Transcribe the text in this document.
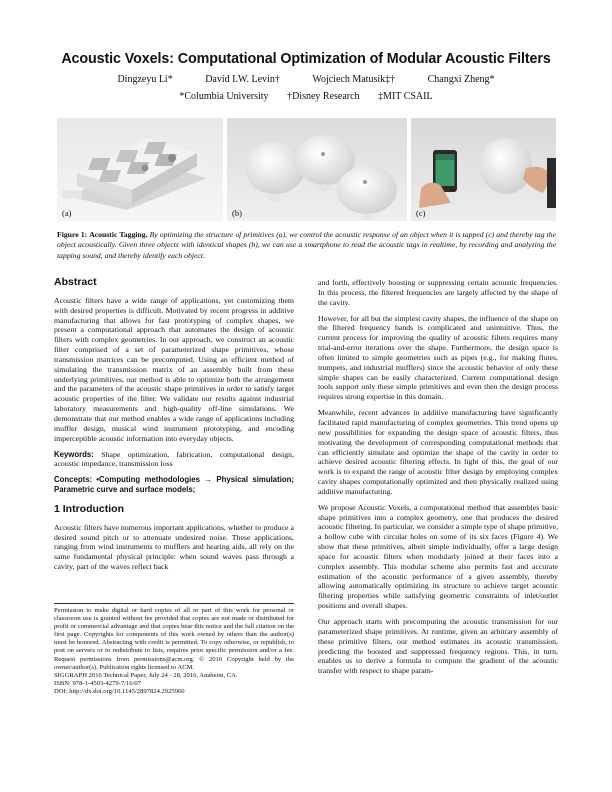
Acoustic Voxels: Computational Optimization of Modular Acoustic Filters
Dingzeyu Li*	David I.W. Levin†	Wojciech Matusik‡†	Changxi Zheng*
*Columbia University †Disney Research ‡MIT CSAIL
(a)	(b)	(c)
Figure 1: Acoustic Tagging. By optimizing the structure of primitives (a), we control the acoustic response of an object when it is tapped (c) and thereby tag the object acoustically. Given three objects with identical shapes (b), we can use a smartphone to read the acoustic tags in realtime, by recording and analyzing the tapping sound, and thereby identify each object.
Abstract

Acoustic filters have a wide range of applications, yet customizing them with desired properties is difficult. Motivated by recent progress in additive manufacturing that allows for fast prototyping of complex shapes, we present a computational approach that automates the design of acoustic filters with complex geometries. In our approach, we construct an acoustic filter comprised of a set of parameterized shape primitives, whose transmission matrices can be precomputed. Using an efficient method of simulating the transmission matrix of an assembly built from these underlying primitives, our method is able to optimize both the arrangement and the parameters of the acoustic shape primitives in order to satisfy target acoustic properties of the filter. We validate our results against industrial laboratory measurements and high-quality off-line simulations. We demonstrate that our method enables a wide range of applications including muffler design, musical wind instrument prototyping, and encoding imperceptible acoustic information into everyday objects.

Keywords: Shape optimization, fabrication, computational design, acoustic impedance, transmission loss

Concepts: •Computing methodologies → Physical simulation; Parametric curve and surface models;

1 Introduction

Acoustic filters have numerous important applications, whether to produce a desired sound pitch or to attenuate undesired noise. These applications, ranging from wind instruments to mufflers and hearing aids, all rely on the same fundamental physical principle: when sound waves pass through a cavity, part of the waves reflect back

Permission to make digital or hard copies of all or part of this work for personal or classroom use is granted without fee provided that copies are not made or distributed for profit or commercial advantage and that copies bear this notice and the full citation on the first page. Copyrights for components of this work owned by others than the author(s) must be honored. Abstracting with credit is permitted. To copy otherwise, or republish, to post on servers or to redistribute to lists, requires prior specific permission and/or a fee. Request permissions from permissions@acm.org. © 2016 Copyright held by the owner/author(s). Publication rights licensed to ACM.

SIGGRAPH 2016 Technical Paper, July 24 - 28, 2016, Anaheim, CA.

ISBN: 978-1-4503-4279-7/16/07

DOI: http://dx.doi.org/10.1145/2897824.2925960

and forth, effectively boosting or suppressing certain acoustic frequencies. In this process, the filtered frequencies are largely affected by the shape of the cavity.

However, for all but the simplest cavity shapes, the influence of the shape on the filtered frequency bands is complicated and unintuitive. Thus, the current process for improving the quality of acoustic filters requires many trial-and-error iterations over the shape. Furthermore, the design space is often limited to simple geometries such as pipes (e.g., for making flutes, trumpets, and industrial mufflers) since the acoustic behavior of only these simple shapes can be easily characterized. Current computational design tools support only these simple primitives and even then the design process requires strong expertise in this domain.

Meanwhile, recent advances in additive manufacturing have significantly facilitated rapid manufacturing of complex geometries. This trend opens up new possibilities for expanding the design space of acoustic filters, thus motivating the development of corresponding computational methods that can efficiently simulate and optimize the shape of the cavity in order to achieve desired acoustic filtering effects. In light of this, the goal of our work is to expand the range of acoustic filter design by employing complex cavity shapes computationally optimized and then physically realized using additive manufacturing.

We propose Acoustic Voxels, a computational method that assembles basic shape primitives into a complex geometry, one that produces the desired acoustic filtering. In particular, we consider a simple type of shape primitive, a hollow cube with circular holes on some of its six faces (Figure 4). We show that these primitives, albeit simple individually, offer a large design space for acoustic filters when modularly joined at their faces into a complex assembly. This modular scheme also permits fast and accurate estimation of the acoustic performance of a given assembly, thereby allowing automatically optimizing its structure to achieve target acoustic filtering properties while satisfying geometric constraints of inlet/outlet positions and overall shapes.

Our approach starts with precomputing the acoustic transmission for our parameterized shape primitives. At runtime, given an arbitrary assembly of these primitive filters, our method estimates its acoustic transmission, predicting the boosted and suppressed frequency regions. This, in turn, enables us to derive a formula to compute the gradient of the acoustic transfer with respect to shape param-
